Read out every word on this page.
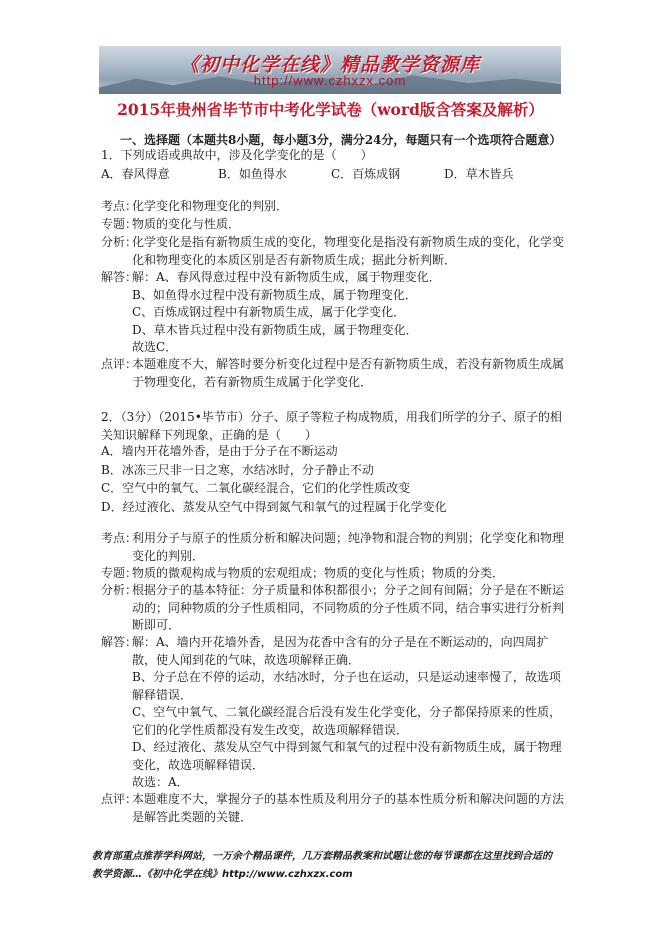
《初中化学在线》精品教学资源库
http://www.czhxzx.com
2015年贵州省毕节市中考化学试卷（word版含答案及解析）
一、选择题（本题共8小题，每小题3分，满分24分，每题只有一个选项符合题意）
1．下列成语或典故中，涉及化学变化的是（　　）
A．春风得意	B．如鱼得水	C．百炼成钢	D．草木皆兵
考点：
化学变化和物理变化的判别．
专题：
物质的变化与性质．
分析：
化学变化是指有新物质生成的变化，物理变化是指没有新物质生成的变化，化学变化和物理变化的本质区别是否有新物质生成；据此分析判断．
解答：
解：A、春风得意过程中没有新物质生成，属于物理变化．
B、如鱼得水过程中没有新物质生成，属于物理变化．
C、百炼成钢过程中有新物质生成，属于化学变化．
D、草木皆兵过程中没有新物质生成，属于物理变化．
故选C．
点评：
本题难度不大，解答时要分析变化过程中是否有新物质生成，若没有新物质生成属于物理变化，若有新物质生成属于化学变化．
2．（3分）（2015•毕节市）分子、原子等粒子构成物质，用我们所学的分子、原子的相关知识解释下列现象，正确的是（　　）
A．墙内开花墙外香，是由于分子在不断运动
B．冰冻三尺非一日之寒，水结冰时，分子静止不动
C．空气中的氧气、二氧化碳经混合，它们的化学性质改变
D．经过液化、蒸发从空气中得到氮气和氧气的过程属于化学变化
考点：
利用分子与原子的性质分析和解决问题；纯净物和混合物的判别；化学变化和物理变化的判别．
专题：
物质的微观构成与物质的宏观组成；物质的变化与性质；物质的分类．
分析：
根据分子的基本特征：分子质量和体积都很小；分子之间有间隔；分子是在不断运动的；同种物质的分子性质相同，不同物质的分子性质不同，结合事实进行分析判断即可．
解答：
解：A、墙内开花墙外香，是因为花香中含有的分子是在不断运动的，向四周扩散，使人闻到花的气味，故选项解释正确．
B、分子总在不停的运动，水结冰时，分子也在运动，只是运动速率慢了，故选项解释错误．
C、空气中氧气、二氧化碳经混合后没有发生化学变化，分子都保持原来的性质，它们的化学性质都没有发生改变，故选项解释错误．
D、经过液化、蒸发从空气中得到氮气和氧气的过程中没有新物质生成，属于物理变化，故选项解释错误．
故选：A．
点评：
本题难度不大，掌握分子的基本性质及利用分子的基本性质分析和解决问题的方法是解答此类题的关键．
教育部重点推荐学科网站，一万余个精品课件，几万套精品教案和试题让您的每节课都在这里找到合适的
教学资源…《初中化学在线》http://www.czhxzx.com
